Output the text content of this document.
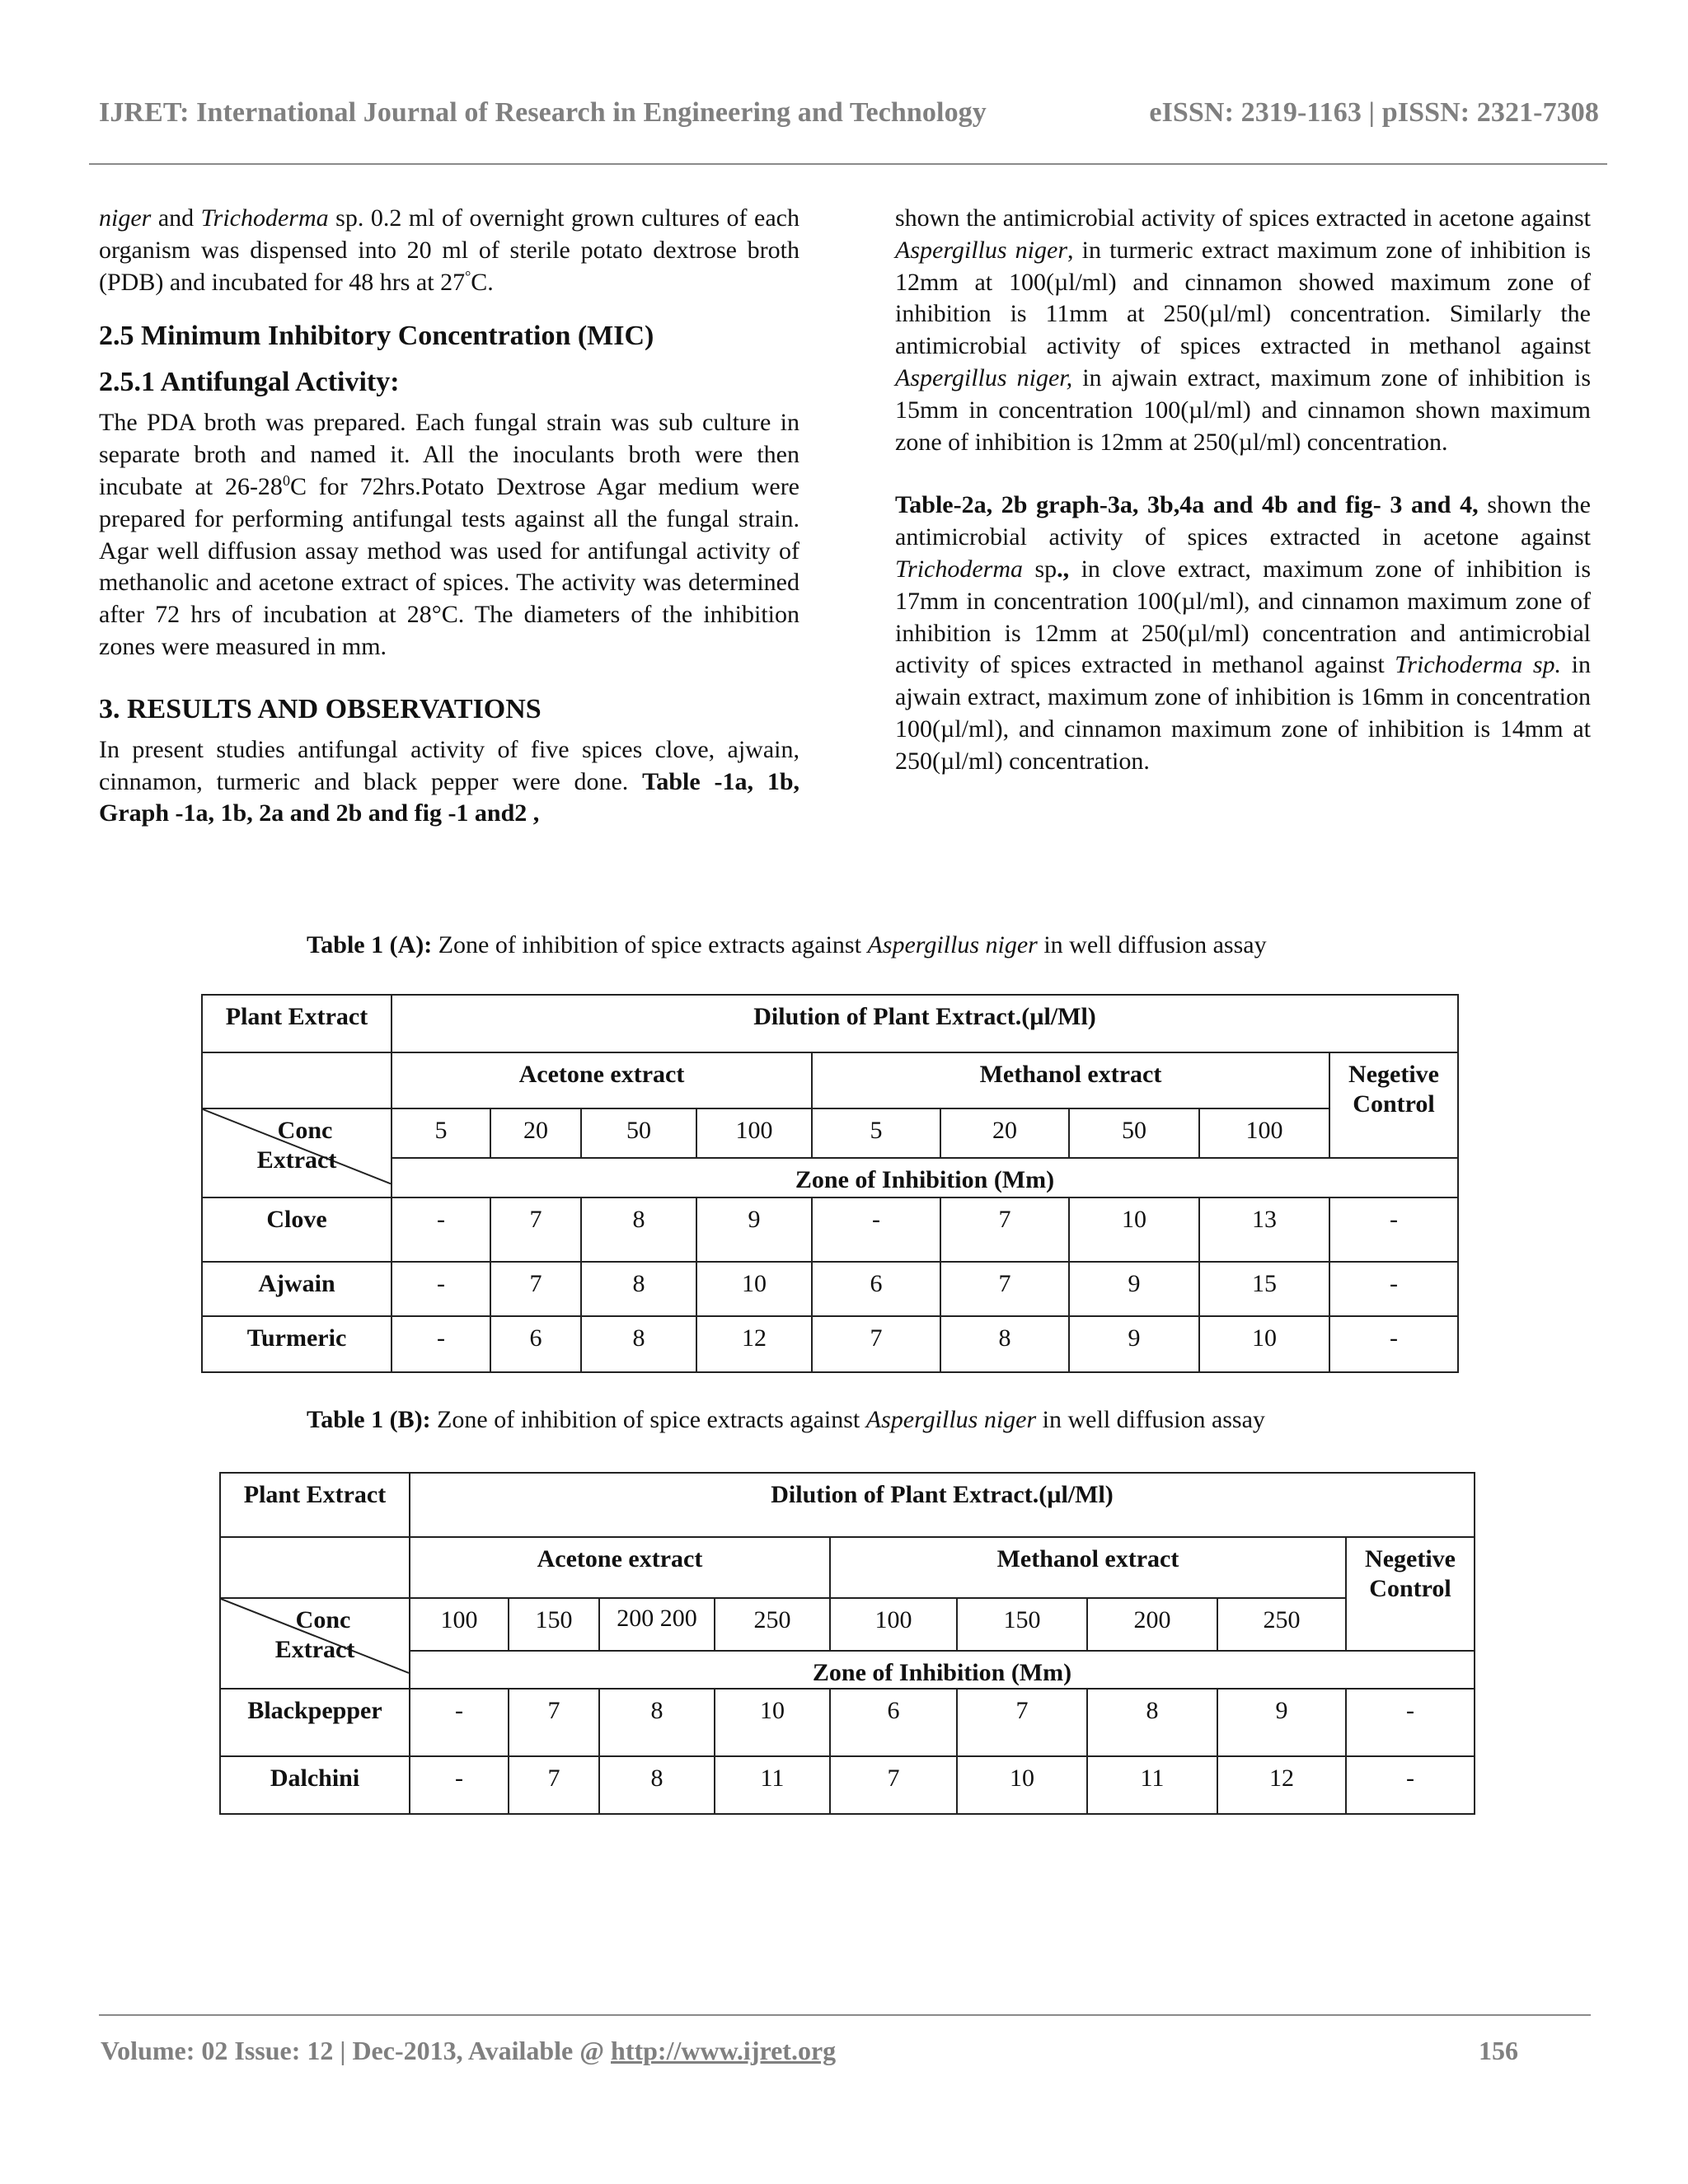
IJRET: International Journal of Research in Engineering and Technology	eISSN: 2319-1163 | pISSN: 2321-7308

niger and Trichoderma sp. 0.2 ml of overnight grown cultures of each organism was dispensed into 20 ml of sterile potato dextrose broth (PDB) and incubated for 48 hrs at 27°C.

2.5 Minimum Inhibitory Concentration (MIC)
2.5.1 Antifungal Activity:

The PDA broth was prepared. Each fungal strain was sub culture in separate broth and named it. All the inoculants broth were then incubate at $26-28^0C$ for 72hrs.Potato Dextrose Agar medium were prepared for performing antifungal tests against all the fungal strain. Agar well diffusion assay method was used for antifungal activity of methanolic and acetone extract of spices. The activity was determined after 72 hrs of incubation at 28°C. The diameters of the inhibition zones were measured in mm.

3. RESULTS AND OBSERVATIONS

In present studies antifungal activity of five spices clove, ajwain, cinnamon, turmeric and black pepper were done. Table -1a, 1b, Graph -1a, 1b, 2a and 2b and fig -1 and2 ,

shown the antimicrobial activity of spices extracted in acetone against Aspergillus niger, in turmeric extract maximum zone of inhibition is 12mm at 100(µl/ml) and cinnamon showed maximum zone of inhibition is 11mm at 250(µl/ml) concentration. Similarly the antimicrobial activity of spices extracted in methanol against Aspergillus niger, in ajwain extract, maximum zone of inhibition is 15mm in concentration 100(µl/ml) and cinnamon shown maximum zone of inhibition is 12mm at 250(µl/ml) concentration.

Table-2a, 2b graph-3a, 3b,4a and 4b and fig- 3 and 4, shown the antimicrobial activity of spices extracted in acetone against Trichoderma sp., in clove extract, maximum zone of inhibition is 17mm in concentration 100(µl/ml), and cinnamon maximum zone of inhibition is 12mm at 250(µl/ml) concentration and antimicrobial activity of spices extracted in methanol against Trichoderma sp. in ajwain extract, maximum zone of inhibition is 16mm in concentration 100(µl/ml), and cinnamon maximum zone of inhibition is 14mm at 250(µl/ml) concentration.

Table 1 (A): Zone of inhibition of spice extracts against Aspergillus niger in well diffusion assay
Plant Extract	Dilution of Plant Extract.(µl/Ml)								
	Acetone extract				Methanol extract				Negetive Control

Conc
Extract	5	20	50	100	5	20	50	100	
	Zone of Inhibition (Mm)								
Clove	-	7	8	9	-	7	10	13	-
Ajwain	-	7	8	10	6	7	9	15	-
Turmeric	-	6	8	12	7	8	9	10	-
Table 1 (B): Zone of inhibition of spice extracts against Aspergillus niger in well diffusion assay
Plant Extract	Dilution of Plant Extract.(µl/Ml)								
	Acetone extract				Methanol extract				Negetive Control

Conc
Extract	100	150	200 200	250	100	150	200	250	
	Zone of Inhibition (Mm)								
Blackpepper	-	7	8	10	6	7	8	9	-
Dalchini	-	7	8	11	7	10	11	12	-
Volume: 02 Issue: 12 | Dec-2013, Available @ http://www.ijret.org	156
